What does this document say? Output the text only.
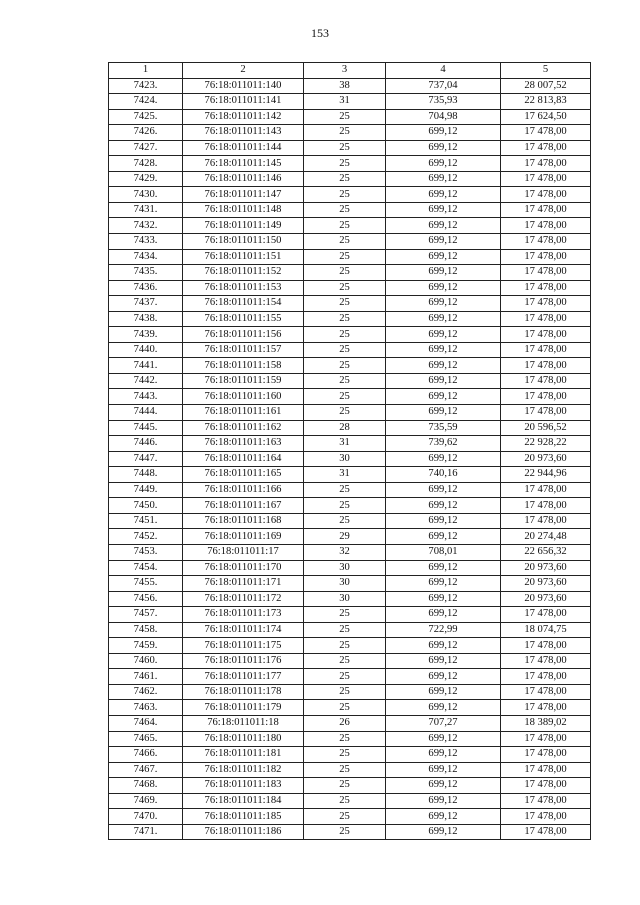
153
1	2	3	4	5
7423.	76:18:011011:140	38	737,04	28 007,52
7424.	76:18:011011:141	31	735,93	22 813,83
7425.	76:18:011011:142	25	704,98	17 624,50
7426.	76:18:011011:143	25	699,12	17 478,00
7427.	76:18:011011:144	25	699,12	17 478,00
7428.	76:18:011011:145	25	699,12	17 478,00
7429.	76:18:011011:146	25	699,12	17 478,00
7430.	76:18:011011:147	25	699,12	17 478,00
7431.	76:18:011011:148	25	699,12	17 478,00
7432.	76:18:011011:149	25	699,12	17 478,00
7433.	76:18:011011:150	25	699,12	17 478,00
7434.	76:18:011011:151	25	699,12	17 478,00
7435.	76:18:011011:152	25	699,12	17 478,00
7436.	76:18:011011:153	25	699,12	17 478,00
7437.	76:18:011011:154	25	699,12	17 478,00
7438.	76:18:011011:155	25	699,12	17 478,00
7439.	76:18:011011:156	25	699,12	17 478,00
7440.	76:18:011011:157	25	699,12	17 478,00
7441.	76:18:011011:158	25	699,12	17 478,00
7442.	76:18:011011:159	25	699,12	17 478,00
7443.	76:18:011011:160	25	699,12	17 478,00
7444.	76:18:011011:161	25	699,12	17 478,00
7445.	76:18:011011:162	28	735,59	20 596,52
7446.	76:18:011011:163	31	739,62	22 928,22
7447.	76:18:011011:164	30	699,12	20 973,60
7448.	76:18:011011:165	31	740,16	22 944,96
7449.	76:18:011011:166	25	699,12	17 478,00
7450.	76:18:011011:167	25	699,12	17 478,00
7451.	76:18:011011:168	25	699,12	17 478,00
7452.	76:18:011011:169	29	699,12	20 274,48
7453.	76:18:011011:17	32	708,01	22 656,32
7454.	76:18:011011:170	30	699,12	20 973,60
7455.	76:18:011011:171	30	699,12	20 973,60
7456.	76:18:011011:172	30	699,12	20 973,60
7457.	76:18:011011:173	25	699,12	17 478,00
7458.	76:18:011011:174	25	722,99	18 074,75
7459.	76:18:011011:175	25	699,12	17 478,00
7460.	76:18:011011:176	25	699,12	17 478,00
7461.	76:18:011011:177	25	699,12	17 478,00
7462.	76:18:011011:178	25	699,12	17 478,00
7463.	76:18:011011:179	25	699,12	17 478,00
7464.	76:18:011011:18	26	707,27	18 389,02
7465.	76:18:011011:180	25	699,12	17 478,00
7466.	76:18:011011:181	25	699,12	17 478,00
7467.	76:18:011011:182	25	699,12	17 478,00
7468.	76:18:011011:183	25	699,12	17 478,00
7469.	76:18:011011:184	25	699,12	17 478,00
7470.	76:18:011011:185	25	699,12	17 478,00
7471.	76:18:011011:186	25	699,12	17 478,00
